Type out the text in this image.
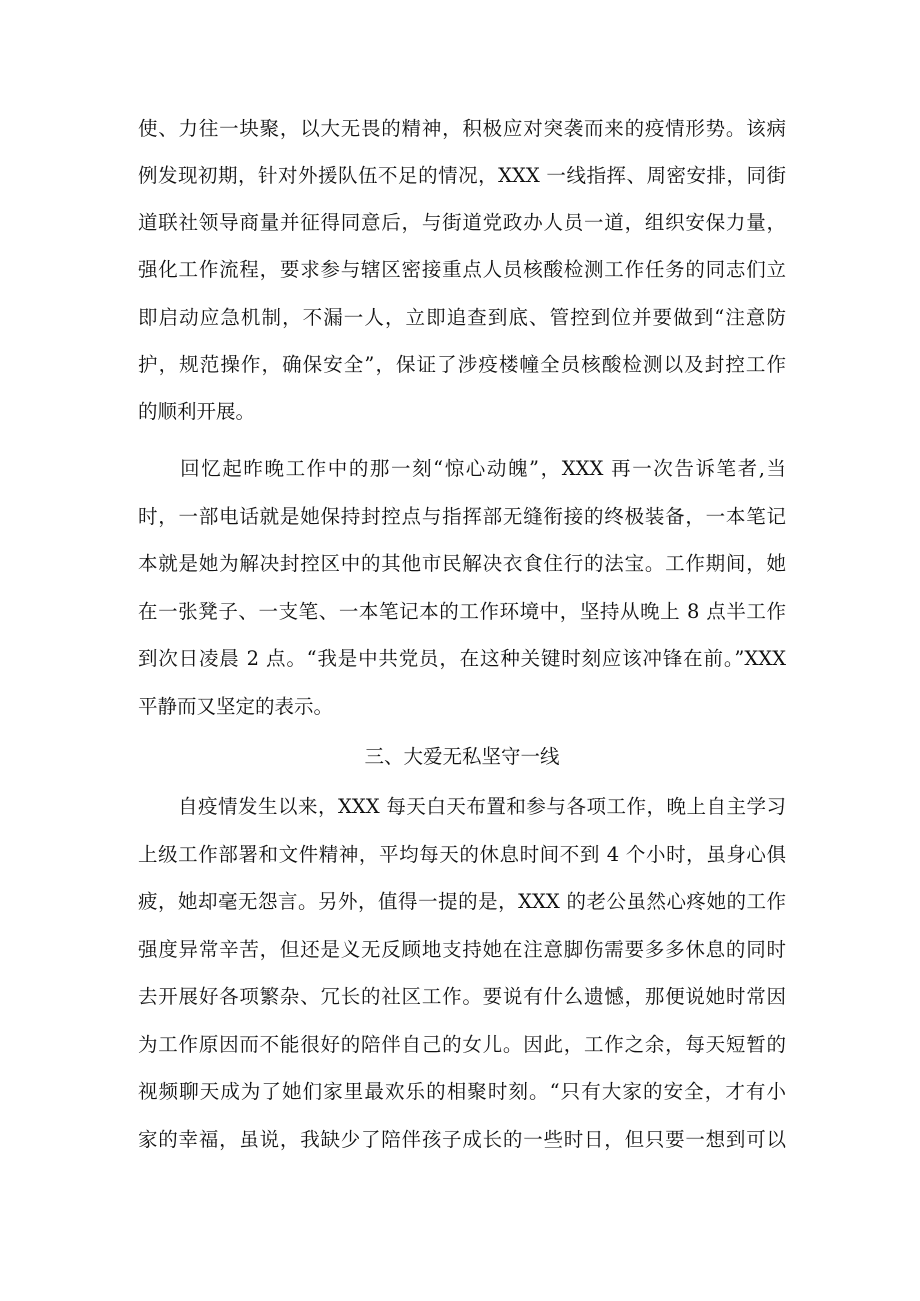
使、力往一块聚，以大无畏的精神，积极应对突袭而来的疫情形势。该病
例发现初期，针对外援队伍不足的情况，XXX 一线指挥、周密安排，同街
道联社领导商量并征得同意后，与街道党政办人员一道，组织安保力量，
强化工作流程，要求参与辖区密接重点人员核酸检测工作任务的同志们立
即启动应急机制，不漏一人，立即追查到底、管控到位并要做到“注意防
护，规范操作，确保安全”，保证了涉疫楼幢全员核酸检测以及封控工作
的顺利开展。
　　回忆起昨晚工作中的那一刻“惊心动魄”，XXX 再一次告诉笔者,当
时，一部电话就是她保持封控点与指挥部无缝衔接的终极装备，一本笔记
本就是她为解决封控区中的其他市民解决衣食住行的法宝。工作期间，她
在一张凳子、一支笔、一本笔记本的工作环境中，坚持从晚上 8 点半工作
到次日凌晨 2 点。“我是中共党员，在这种关键时刻应该冲锋在前。”XXX
平静而又坚定的表示。
三、大爱无私坚守一线
　　自疫情发生以来，XXX 每天白天布置和参与各项工作，晚上自主学习
上级工作部署和文件精神，平均每天的休息时间不到 4 个小时，虽身心俱
疲，她却毫无怨言。另外，值得一提的是，XXX 的老公虽然心疼她的工作
强度异常辛苦，但还是义无反顾地支持她在注意脚伤需要多多休息的同时
去开展好各项繁杂、冗长的社区工作。要说有什么遗憾，那便说她时常因
为工作原因而不能很好的陪伴自己的女儿。因此，工作之余，每天短暂的
视频聊天成为了她们家里最欢乐的相聚时刻。“只有大家的安全，才有小
家的幸福，虽说，我缺少了陪伴孩子成长的一些时日，但只要一想到可以
